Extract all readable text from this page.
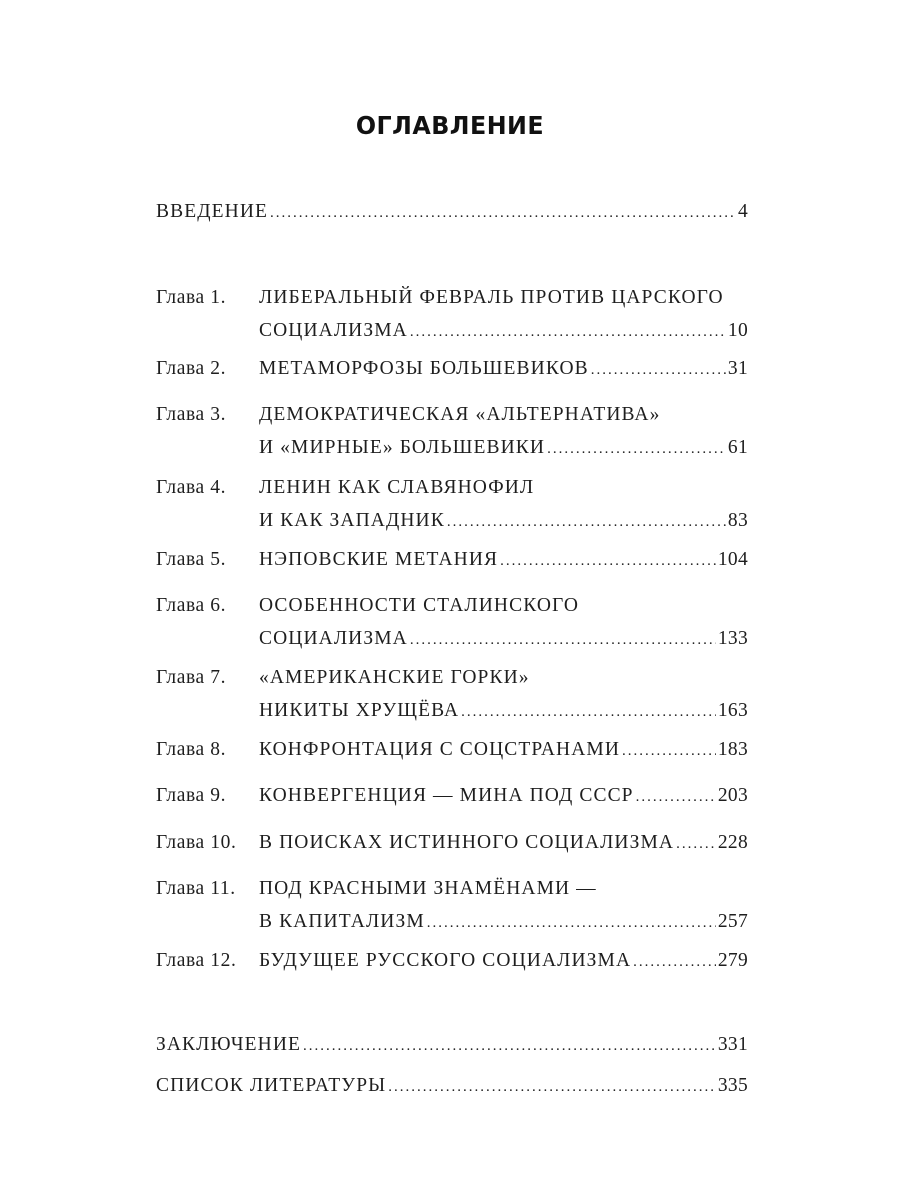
ОГЛАВЛЕНИЕ
ВВЕДЕНИЕ .....	4
Глава 1.	ЛИБЕРАЛЬНЫЙ ФЕВРАЛЬ ПРОТИВ ЦАРСКОГО
СОЦИАЛИЗМА .....	10
Глава 2.	МЕТАМОРФОЗЫ БОЛЬШЕВИКОВ .....	31
Глава 3.	ДЕМОКРАТИЧЕСКАЯ «АЛЬТЕРНАТИВА»
И «МИРНЫЕ» БОЛЬШЕВИКИ .....	61
Глава 4.	ЛЕНИН КАК СЛАВЯНОФИЛ
И КАК ЗАПАДНИК .....	83
Глава 5.	НЭПОВСКИЕ МЕТАНИЯ .....	104
Глава 6.	ОСОБЕННОСТИ СТАЛИНСКОГО
СОЦИАЛИЗМА .....	133
Глава 7.	«АМЕРИКАНСКИЕ ГОРКИ»
НИКИТЫ ХРУЩЁВА .....	163
Глава 8.	КОНФРОНТАЦИЯ С СОЦСТРАНАМИ .....	183
Глава 9.	КОНВЕРГЕНЦИЯ — МИНА ПОД СССР .....	203
Глава 10.	В ПОИСКАХ ИСТИННОГО СОЦИАЛИЗМА ..... 228
Глава 11.	ПОД КРАСНЫМИ ЗНАМЁНАМИ —
В КАПИТАЛИЗМ .....	257
Глава 12.	БУДУЩЕЕ РУССКОГО СОЦИАЛИЗМА .....	279
ЗАКЛЮЧЕНИЕ .....	331
СПИСОК ЛИТЕРАТУРЫ .....	335
